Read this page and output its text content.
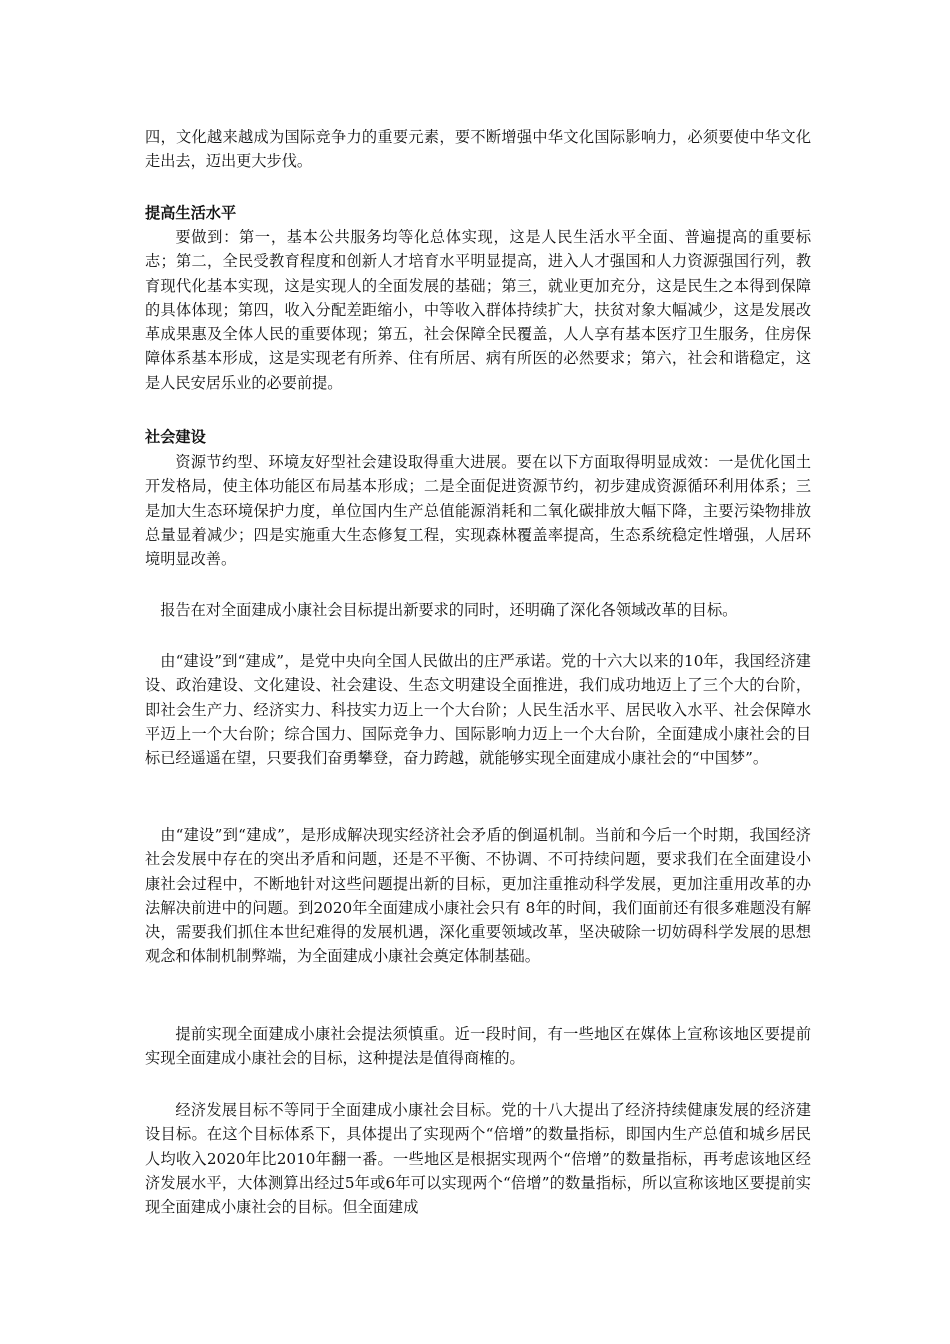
四，文化越来越成为国际竞争力的重要元素，要不断增强中华文化国际影响力，必须要使中华文化走出去，迈出更大步伐。

提高生活水平

要做到：第一，基本公共服务均等化总体实现，这是人民生活水平全面、普遍提高的重要标志；第二，全民受教育程度和创新人才培育水平明显提高，进入人才强国和人力资源强国行列，教育现代化基本实现，这是实现人的全面发展的基础；第三，就业更加充分，这是民生之本得到保障的具体体现；第四，收入分配差距缩小，中等收入群体持续扩大，扶贫对象大幅减少，这是发展改革成果惠及全体人民的重要体现；第五，社会保障全民覆盖，人人享有基本医疗卫生服务，住房保障体系基本形成，这是实现老有所养、住有所居、病有所医的必然要求；第六，社会和谐稳定，这是人民安居乐业的必要前提。

社会建设

资源节约型、环境友好型社会建设取得重大进展。要在以下方面取得明显成效：一是优化国土开发格局，使主体功能区布局基本形成；二是全面促进资源节约，初步建成资源循环利用体系；三是加大生态环境保护力度，单位国内生产总值能源消耗和二氧化碳排放大幅下降，主要污染物排放总量显着减少；四是实施重大生态修复工程，实现森林覆盖率提高，生态系统稳定性增强，人居环境明显改善。

报告在对全面建成小康社会目标提出新要求的同时，还明确了深化各领域改革的目标。

由“建设”到“建成”，是党中央向全国人民做出的庄严承诺。党的十六大以来的10年，我国经济建设、政治建设、文化建设、社会建设、生态文明建设全面推进，我们成功地迈上了三个大的台阶，即社会生产力、经济实力、科技实力迈上一个大台阶；人民生活水平、居民收入水平、社会保障水平迈上一个大台阶；综合国力、国际竞争力、国际影响力迈上一个大台阶，全面建成小康社会的目标已经遥遥在望，只要我们奋勇攀登，奋力跨越，就能够实现全面建成小康社会的“中国梦”。

由“建设”到“建成”，是形成解决现实经济社会矛盾的倒逼机制。当前和今后一个时期，我国经济社会发展中存在的突出矛盾和问题，还是不平衡、不协调、不可持续问题，要求我们在全面建设小康社会过程中，不断地针对这些问题提出新的目标，更加注重推动科学发展，更加注重用改革的办法解决前进中的问题。到2020年全面建成小康社会只有 8年的时间，我们面前还有很多难题没有解决，需要我们抓住本世纪难得的发展机遇，深化重要领域改革，坚决破除一切妨碍科学发展的思想观念和体制机制弊端，为全面建成小康社会奠定体制基础。

提前实现全面建成小康社会提法须慎重。近一段时间，有一些地区在媒体上宣称该地区要提前实现全面建成小康社会的目标，这种提法是值得商榷的。

经济发展目标不等同于全面建成小康社会目标。党的十八大提出了经济持续健康发展的经济建设目标。在这个目标体系下，具体提出了实现两个“倍增”的数量指标，即国内生产总值和城乡居民人均收入2020年比2010年翻一番。一些地区是根据实现两个“倍增”的数量指标，再考虑该地区经济发展水平，大体测算出经过5年或6年可以实现两个“倍增”的数量指标，所以宣称该地区要提前实现全面建成小康社会的目标。但全面建成
